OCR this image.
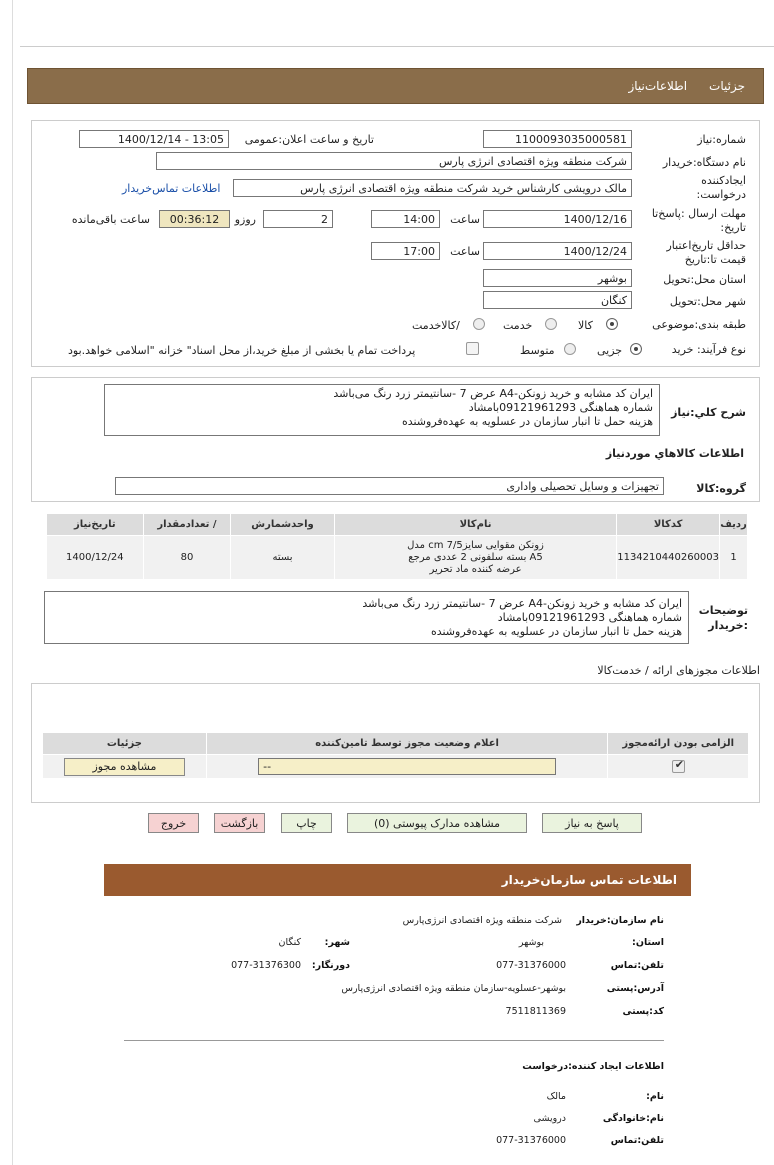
جزئیات
اطلاعات‌نیاز
شماره:نیاز
1100093035000581
تاریخ و ساعت اعلان:عمومی
1400/12/14 - 13:05
نام دستگاه:خریدار
شرکت منطقه ویژه اقتصادی انرژی پارس
ایجادکننده
درخواست:
مالک درویشی کارشناس خرید شرکت منطقه ویژه اقتصادی انرژی پارس
اطلاعات تماس‌خریدار
مهلت ارسال :پاسخ‌تا
تاریخ:
1400/12/16
ساعت
14:00
2
روزو
00:36:12
ساعت باقی‌مانده
حداقل تاریخ‌اعتبار
قیمت تا:تاریخ
1400/12/24
ساعت
17:00
استان محل:تحویل
بوشهر
شهر محل:تحویل
کنگان
طبقه بندی:موضوعی
کالا
خدمت
/کالاخدمت
نوع فرآیند: خرید
جزیی
متوسط
پرداخت تمام یا بخشی از مبلغ خرید،از محل اسناد" خزانه "اسلامی خواهد.بود
شرح کلي:نیاز
ایران کد مشابه و خرید زونکن-A4 عرض 7 -سانتیمتر زرد رنگ می‌باشد
شماره هماهنگی 09121961293بامشاد
هزینه حمل تا انبار سازمان در عسلویه به عهده‌فروشنده
اطلاعات کالاهاي مورد‌نیاز
گروه:کالا
تجهیزات و وسایل تحصیلی واداری
ردیف	کدکالا	نام‌کالا	واحدشمارش	/ تعدادمقدار	تاریخ‌نیاز
1	1134210440260003	زونکن مقوایی سایز7/5 cm مدل
A5 بسته سلفونی 2 عددی مرجع
عرضه کننده ماد تحریر	بسته	80	1400/12/24
توضیحات
:خریدار
ایران کد مشابه و خرید زونکن-A4 عرض 7 -سانتیمتر زرد رنگ می‌باشد
شماره هماهنگی 09121961293بامشاد
هزینه حمل تا انبار سازمان در عسلویه به عهده‌فروشنده
اطلاعات مجوزهای ارائه / خدمت‌کالا
الزامی بودن ارائه‌مجوز	اعلام وضعیت مجوز توسط تامین‌کننده	جزئیات

✔	--	مشاهده مجوز
پاسخ به نیاز
مشاهده مدارک پیوستی (0)
چاپ
بازگشت
خروج
اطلاعات تماس سازمان‌خریدار
نام سازمان:خریدار
شرکت منطقه ویژه اقتصادی انرژی‌پارس
استان:
بوشهر
شهر:
کنگان
تلفن:تماس
077-31376000
دورنگار:
077-31376300
آدرس:پستی
بوشهر-عسلویه-سازمان منطقه ویژه اقتصادی انرژی‌پارس
کد:پستی
7511811369
اطلاعات ایجاد کننده:درخواست
نام:
مالک
نام:خانوادگی
درویشی
تلفن:تماس
077-31376000
